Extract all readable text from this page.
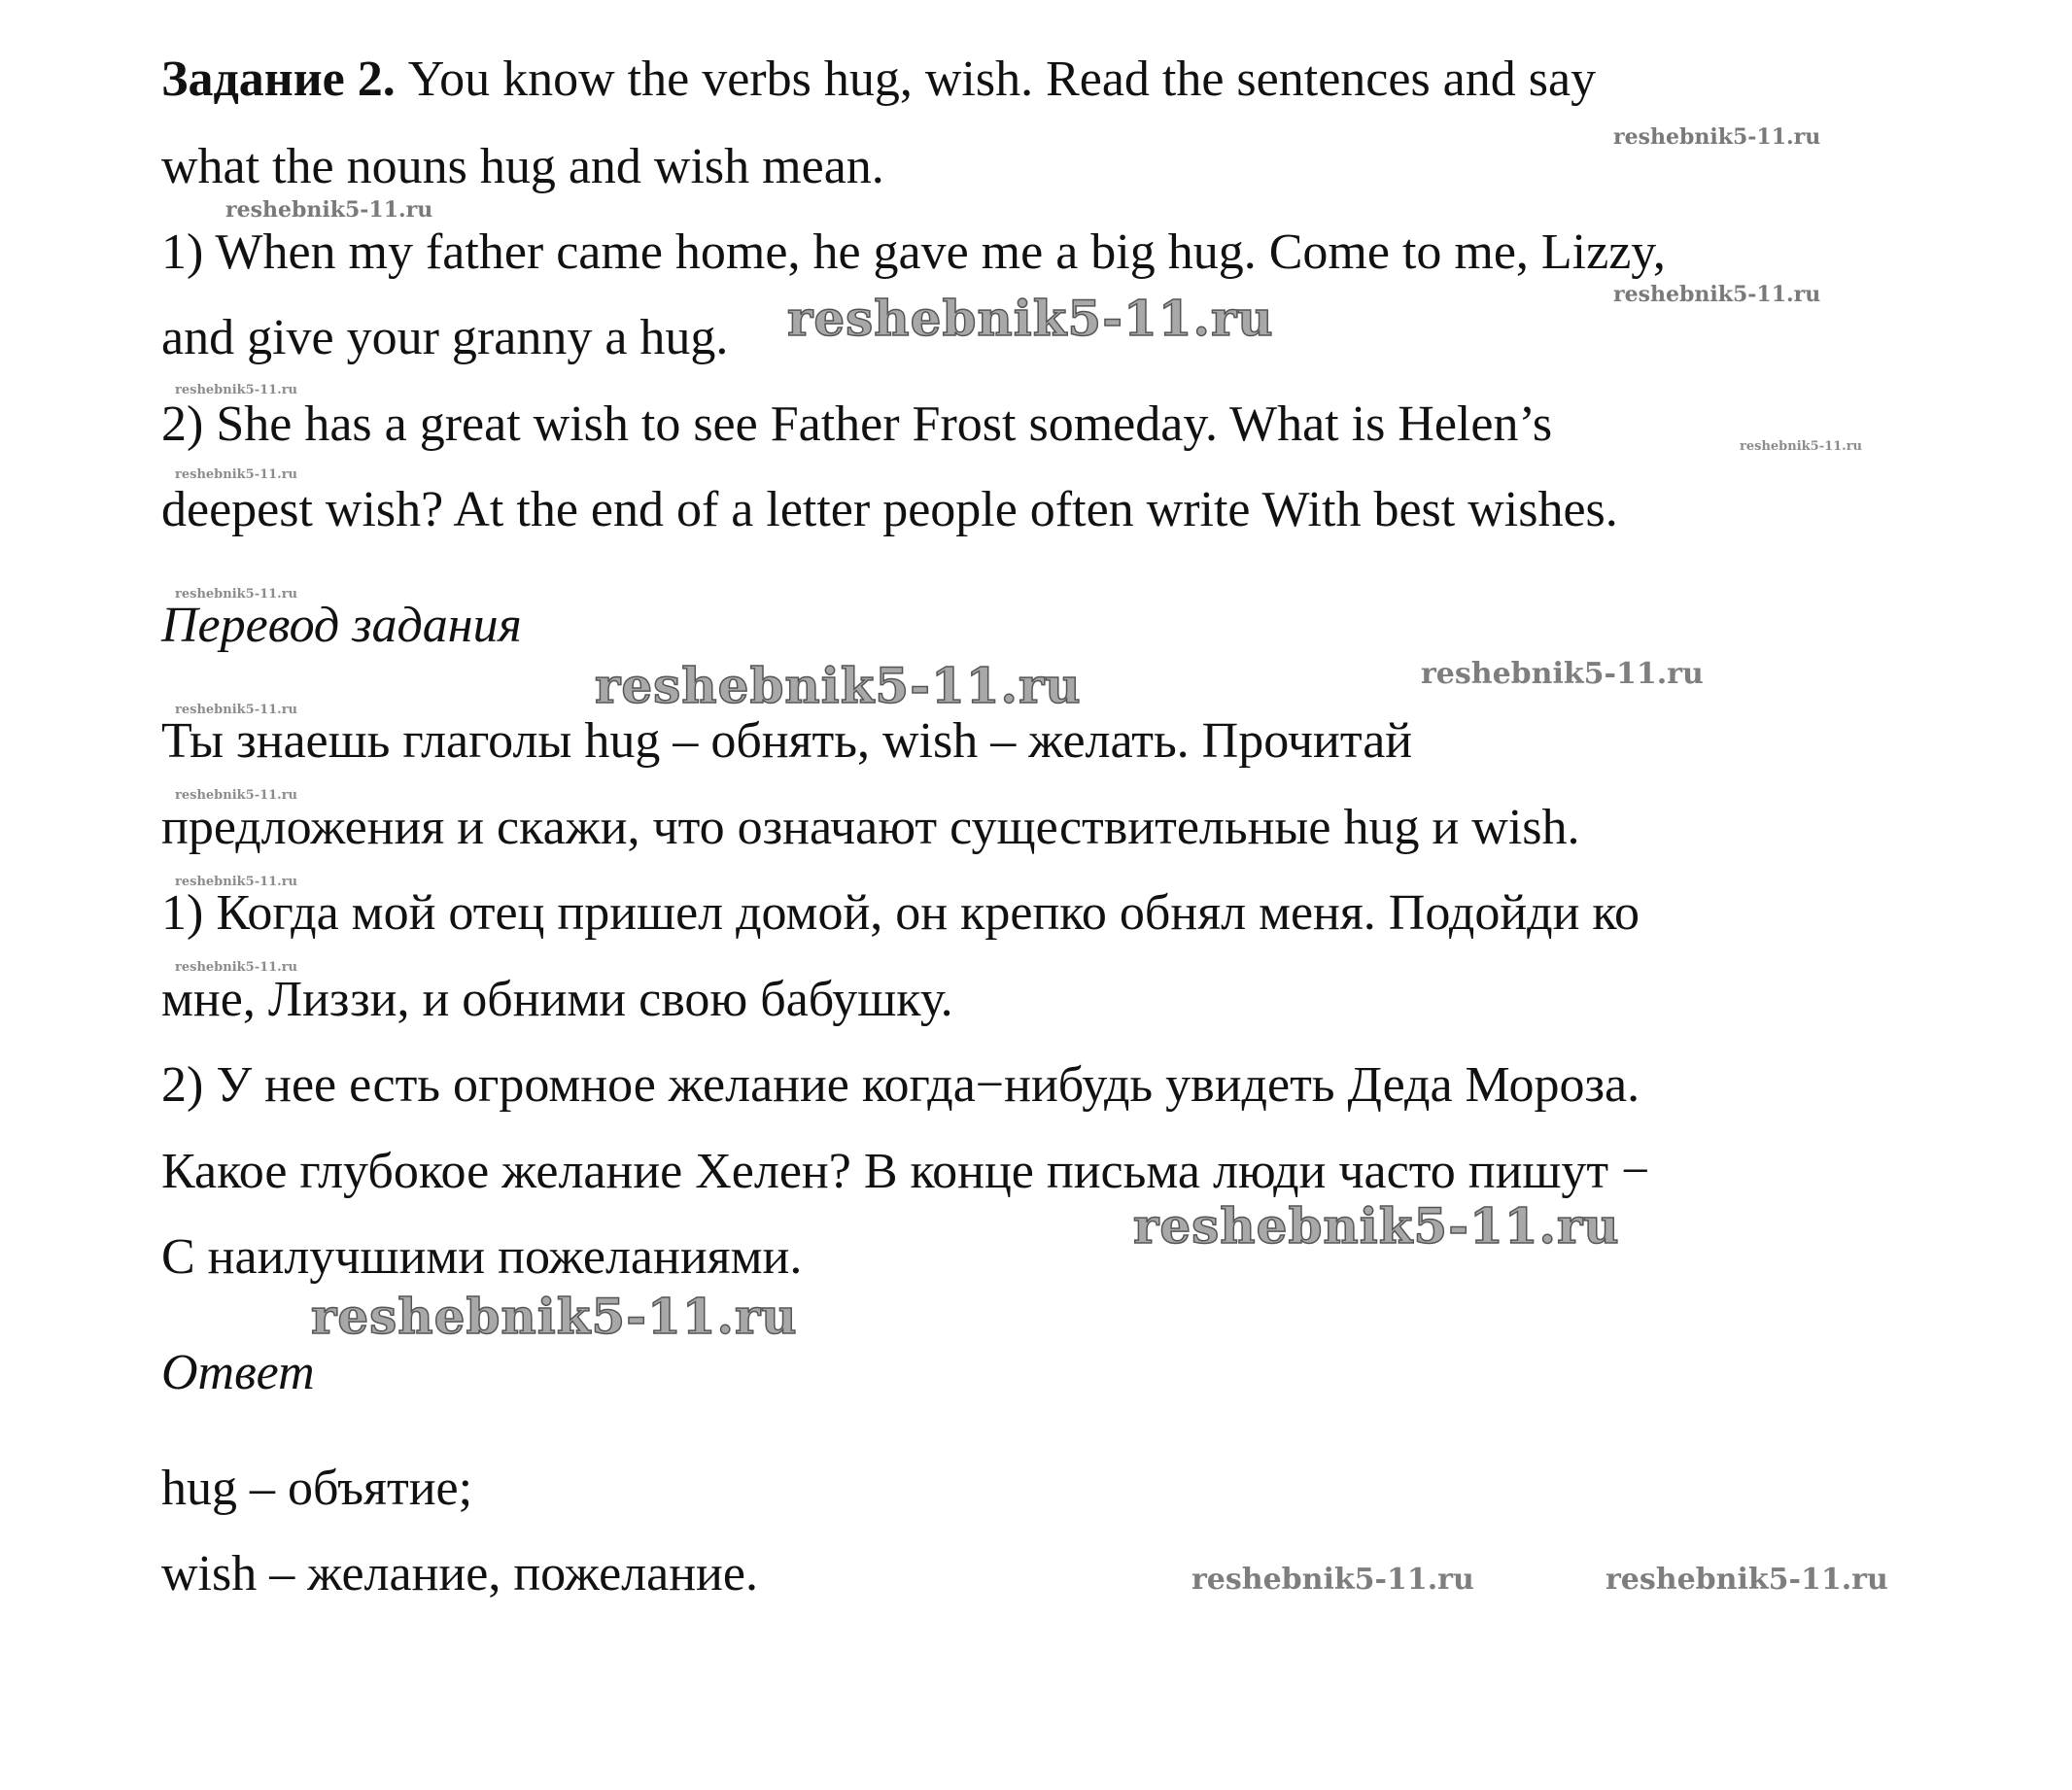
Задание 2. You know the verbs hug, wish. Read the sentences and say
what the nouns hug and wish mean.
1) When my father came home, he gave me a big hug. Come to me, Lizzy,
and give your granny a hug.
2) She has a great wish to see Father Frost someday. What is Helen’s
deepest wish? At the end of a letter people often write With best wishes.
Перевод задания
Ты знаешь глаголы hug – обнять, wish – желать. Прочитай
предложения и скажи, что означают существительные hug и wish.
1) Когда мой отец пришел домой, он крепко обнял меня. Подойди ко
мне, Лиззи, и обними свою бабушку.
2) У нее есть огромное желание когда−нибудь увидеть Деда Мороза.
Какое глубокое желание Хелен? В конце письма люди часто пишут −
С наилучшими пожеланиями.
Ответ
hug – объятие;
wish – желание, пожелание.
reshebnik5-11.ru
reshebnik5-11.ru
reshebnik5-11.ru
reshebnik5-11.ru
reshebnik5-11.ru
reshebnik5-11.ru
reshebnik5-11.ru
reshebnik5-11.ru
reshebnik5-11.ru	reshebnik5-11.ru
reshebnik5-11.ru
reshebnik5-11.ru
reshebnik5-11.ru
reshebnik5-11.ru
reshebnik5-11.ru
reshebnik5-11.ru
reshebnik5-11.ru	reshebnik5-11.ru
